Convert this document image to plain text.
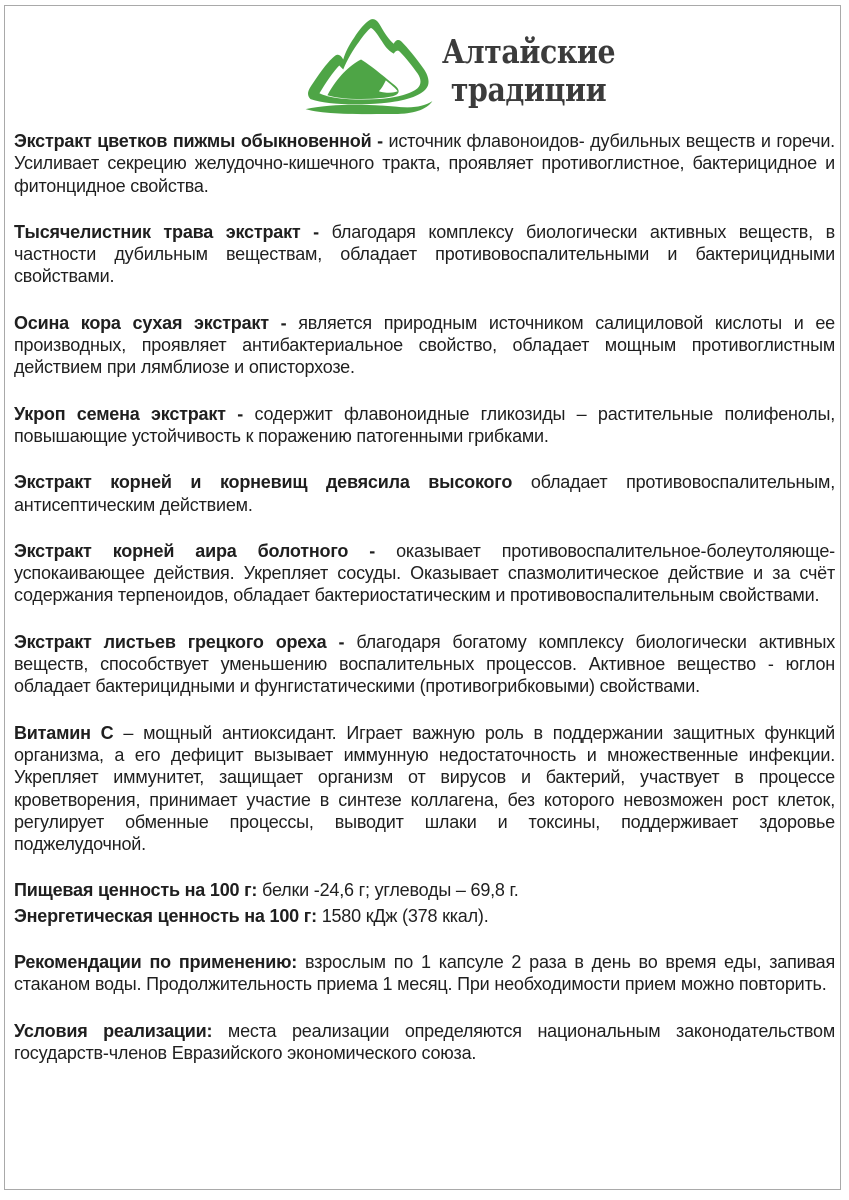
Алтайские
традиции

Экстракт цветков пижмы обыкновенной - источник флавоноидов- дубильных веществ и горечи. Усиливает секрецию желудочно-кишечного тракта, проявляет противоглистное, бактерицидное и фитонцидное свойства.

Тысячелистник трава экстракт - благодаря комплексу биологически активных веществ, в частности дубильным веществам, обладает противовоспалительными и бактерицидными свойствами.

Осина кора сухая экстракт - является природным источником салициловой кислоты и ее производных, проявляет антибактериальное свойство, обладает мощным противоглистным действием при лямблиозе и описторхозе.

Укроп семена экстракт - содержит флавоноидные гликозиды – растительные полифенолы, повышающие устойчивость к поражению патогенными грибками.

Экстракт корней и корневищ девясила высокого обладает противовоспалительным, антисептическим действием.

Экстракт корней аира болотного - оказывает противовоспалительное-болеутоляюще-успокаивающее действия. Укрепляет сосуды. Оказывает спазмолитическое действие и за счёт содержания терпеноидов, обладает бактериостатическим и противовоспалительным свойствами.

Экстракт листьев грецкого ореха - благодаря богатому комплексу биологически активных веществ, способствует уменьшению воспалительных процессов. Активное вещество - юглон обладает бактерицидными и фунгистатическими (противогрибковыми) свойствами.

Витамин С – мощный антиоксидант. Играет важную роль в поддержании защитных функций организма, а его дефицит вызывает иммунную недостаточность и множественные инфекции. Укрепляет иммунитет, защищает организм от вирусов и бактерий, участвует в процессе кроветворения, принимает участие в синтезе коллагена, без которого невозможен рост клеток, регулирует обменные процессы, выводит шлаки и токсины, поддерживает здоровье поджелудочной.

Пищевая ценность на 100 г: белки -24,6 г; углеводы – 69,8 г.

Энергетическая ценность на 100 г: 1580 кДж (378 ккал).

Рекомендации по применению: взрослым по 1 капсуле 2 раза в день во время еды, запивая стаканом воды. Продолжительность приема 1 месяц. При необходимости прием можно повторить.

Условия реализации: места реализации определяются национальным законодательством государств-членов Евразийского экономического союза.
